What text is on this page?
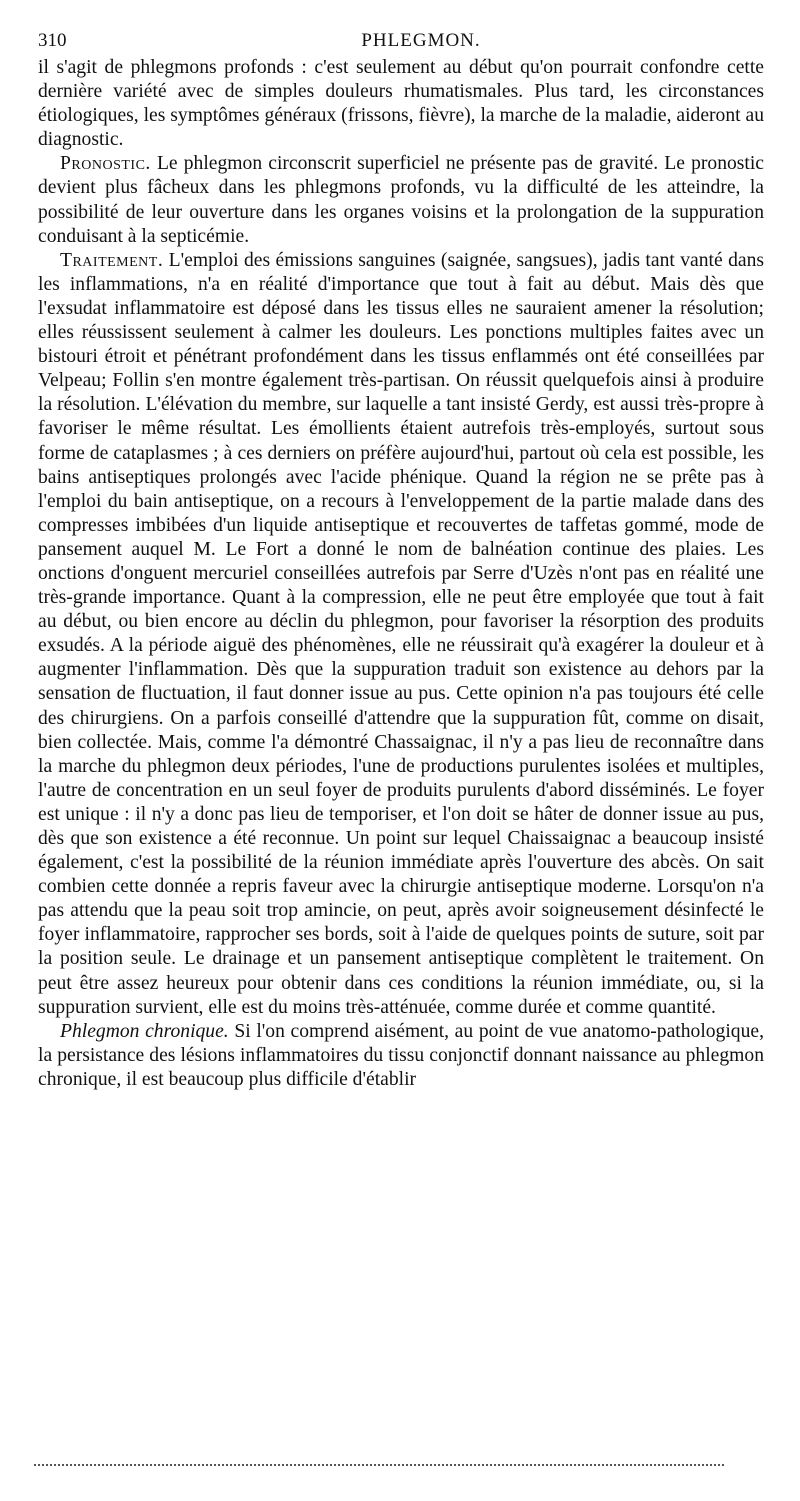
310	PHLEGMON.

il s'agit de phlegmons profonds : c'est seulement au début qu'on pourrait confondre cette dernière variété avec de simples douleurs rhumatismales. Plus tard, les circonstances étiologiques, les symptômes généraux (frissons, fièvre), la marche de la maladie, aideront au diagnostic.

Pronostic. Le phlegmon circonscrit superficiel ne présente pas de gravité. Le pronostic devient plus fâcheux dans les phlegmons profonds, vu la difficulté de les atteindre, la possibilité de leur ouverture dans les organes voisins et la prolongation de la suppuration conduisant à la septicémie.

Traitement. L'emploi des émissions sanguines (saignée, sangsues), jadis tant vanté dans les inflammations, n'a en réalité d'importance que tout à fait au début. Mais dès que l'exsudat inflammatoire est déposé dans les tissus elles ne sauraient amener la résolution; elles réussissent seulement à calmer les douleurs. Les ponctions multiples faites avec un bistouri étroit et pénétrant profondément dans les tissus enflammés ont été conseillées par Velpeau; Follin s'en montre également très-partisan. On réussit quelquefois ainsi à produire la résolution. L'élévation du membre, sur laquelle a tant insisté Gerdy, est aussi très-propre à favoriser le même résultat. Les émollients étaient autrefois très-employés, surtout sous forme de cataplasmes ; à ces derniers on préfère aujourd'hui, partout où cela est possible, les bains antiseptiques prolongés avec l'acide phénique. Quand la région ne se prête pas à l'emploi du bain antiseptique, on a recours à l'enveloppement de la partie malade dans des compresses imbibées d'un liquide antiseptique et recouvertes de taffetas gommé, mode de pansement auquel M. Le Fort a donné le nom de balnéation continue des plaies. Les onctions d'onguent mercuriel conseillées autrefois par Serre d'Uzès n'ont pas en réalité une très-grande importance. Quant à la compression, elle ne peut être employée que tout à fait au début, ou bien encore au déclin du phlegmon, pour favoriser la résorption des produits exsudés. A la période aiguë des phénomènes, elle ne réussirait qu'à exagérer la douleur et à augmenter l'inflammation. Dès que la suppuration traduit son existence au dehors par la sensation de fluctuation, il faut donner issue au pus. Cette opinion n'a pas toujours été celle des chirurgiens. On a parfois conseillé d'attendre que la suppuration fût, comme on disait, bien collectée. Mais, comme l'a démontré Chassaignac, il n'y a pas lieu de reconnaître dans la marche du phlegmon deux périodes, l'une de productions purulentes isolées et multiples, l'autre de concentration en un seul foyer de produits purulents d'abord disséminés. Le foyer est unique : il n'y a donc pas lieu de temporiser, et l'on doit se hâter de donner issue au pus, dès que son existence a été reconnue. Un point sur lequel Chaissaignac a beaucoup insisté également, c'est la possibilité de la réunion immédiate après l'ouverture des abcès. On sait combien cette donnée a repris faveur avec la chirurgie antiseptique moderne. Lorsqu'on n'a pas attendu que la peau soit trop amincie, on peut, après avoir soigneusement désinfecté le foyer inflammatoire, rapprocher ses bords, soit à l'aide de quelques points de suture, soit par la position seule. Le drainage et un pansement antiseptique complètent le traitement. On peut être assez heureux pour obtenir dans ces conditions la réunion immédiate, ou, si la suppuration survient, elle est du moins très-atténuée, comme durée et comme quantité.

Phlegmon chronique. Si l'on comprend aisément, au point de vue anatomo-pathologique, la persistance des lésions inflammatoires du tissu conjonctif donnant naissance au phlegmon chronique, il est beaucoup plus difficile d'établir
